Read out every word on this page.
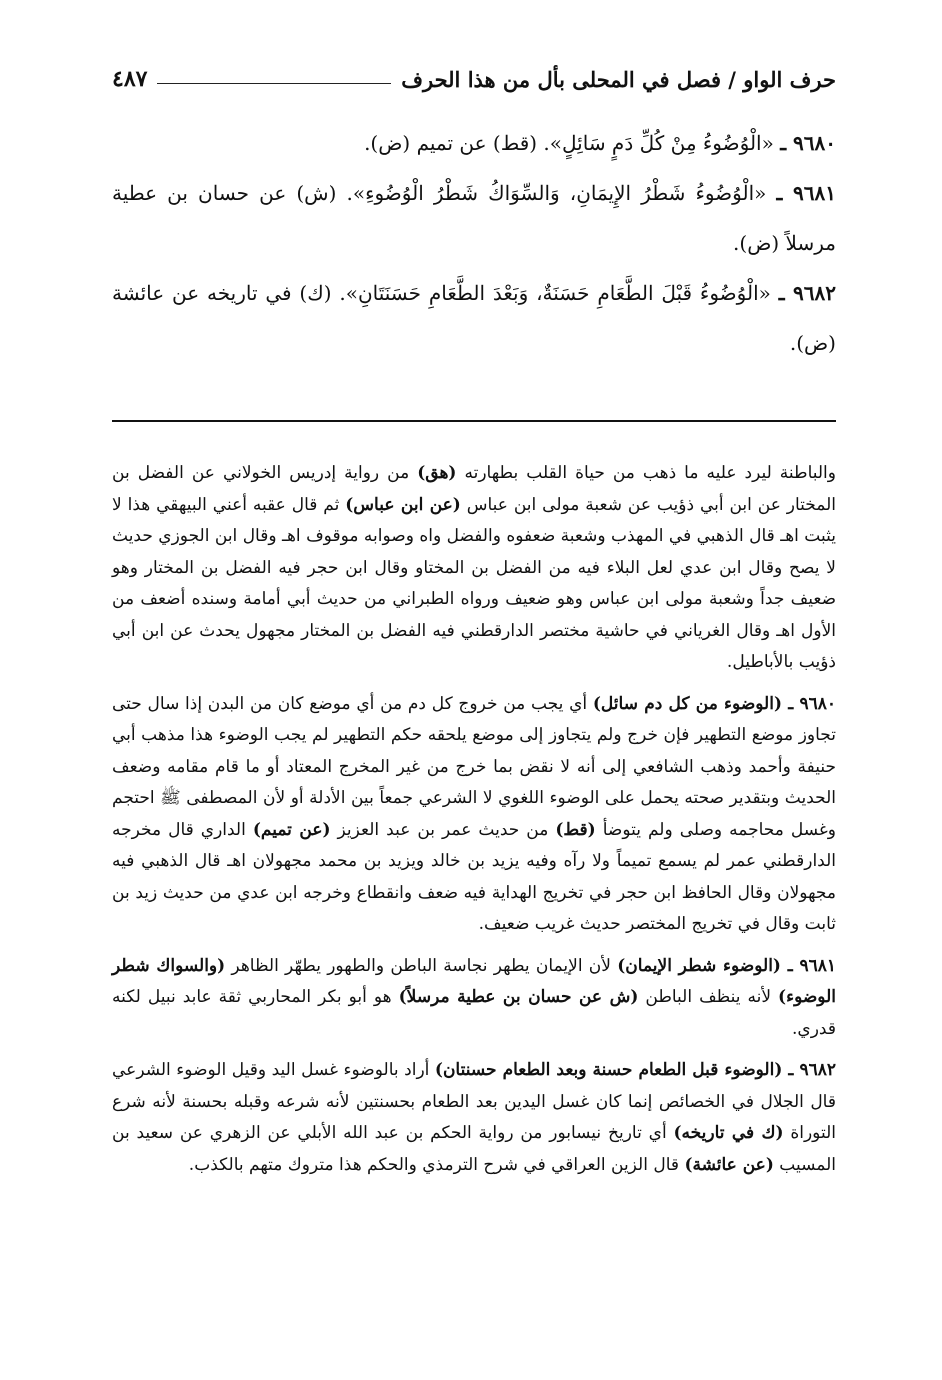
حرف الواو / فصل في المحلى بأل من هذا الحرف
٤٨٧

٩٦٨٠ ـ «الْوُضُوءُ مِنْ كُلِّ دَمٍ سَائِلٍ». (قط) عن تميم (ض).

٩٦٨١ ـ «الْوُضُوءُ شَطْرُ الإِيمَانِ، وَالسِّوَاكُ شَطْرُ الْوُضُوءِ». (ش) عن حسان بن عطية مرسلاً (ض).

٩٦٨٢ ـ «الْوُضُوءُ قَبْلَ الطَّعَامِ حَسَنَةٌ، وَبَعْدَ الطَّعَامِ حَسَنَتَانِ». (ك) في تاريخه عن عائشة (ض).

والباطنة ليرد عليه ما ذهب من حياة القلب بطهارته (هق) من رواية إدريس الخولاني عن الفضل بن المختار عن ابن أبي ذؤيب عن شعبة مولى ابن عباس (عن ابن عباس) ثم قال عقبه أعني البيهقي هذا لا يثبت اهـ قال الذهبي في المهذب وشعبة ضعفوه والفضل واه وصوابه موقوف اهـ وقال ابن الجوزي حديث لا يصح وقال ابن عدي لعل البلاء فيه من الفضل بن المختاو وقال ابن حجر فيه الفضل بن المختار وهو ضعيف جداً وشعبة مولى ابن عباس وهو ضعيف ورواه الطبراني من حديث أبي أمامة وسنده أضعف من الأول اهـ وقال الغرياني في حاشية مختصر الدارقطني فيه الفضل بن المختار مجهول يحدث عن ابن أبي ذؤيب بالأباطيل.

٩٦٨٠ ـ (الوضوء من كل دم سائل) أي يجب من خروج كل دم من أي موضع كان من البدن إذا سال حتى تجاوز موضع التطهير فإن خرج ولم يتجاوز إلى موضع يلحقه حكم التطهير لم يجب الوضوء هذا مذهب أبي حنيفة وأحمد وذهب الشافعي إلى أنه لا نقض بما خرج من غير المخرج المعتاد أو ما قام مقامه وضعف الحديث وبتقدير صحته يحمل على الوضوء اللغوي لا الشرعي جمعاً بين الأدلة أو لأن المصطفى ﷺ احتجم وغسل محاجمه وصلى ولم يتوضأ (قط) من حديث عمر بن عبد العزيز (عن تميم) الداري قال مخرجه الدارقطني عمر لم يسمع تميماً ولا رآه وفيه يزيد بن خالد ويزيد بن محمد مجهولان اهـ قال الذهبي فيه مجهولان وقال الحافظ ابن حجر في تخريج الهداية فيه ضعف وانقطاع وخرجه ابن عدي من حديث زيد بن ثابت وقال في تخريج المختصر حديث غريب ضعيف.

٩٦٨١ ـ (الوضوء شطر الإيمان) لأن الإيمان يطهر نجاسة الباطن والطهور يطهّر الظاهر (والسواك شطر الوضوء) لأنه ينظف الباطن (ش عن حسان بن عطية مرسلاً) هو أبو بكر المحاربي ثقة عابد نبيل لكنه قدري.

٩٦٨٢ ـ (الوضوء قبل الطعام حسنة وبعد الطعام حسنتان) أراد بالوضوء غسل اليد وقيل الوضوء الشرعي قال الجلال في الخصائص إنما كان غسل اليدين بعد الطعام بحسنتين لأنه شرعه وقبله بحسنة لأنه شرع التوراة (ك في تاريخه) أي تاريخ نيسابور من رواية الحكم بن عبد الله الأبلي عن الزهري عن سعيد بن المسيب (عن عائشة) قال الزين العراقي في شرح الترمذي والحكم هذا متروك متهم بالكذب.
